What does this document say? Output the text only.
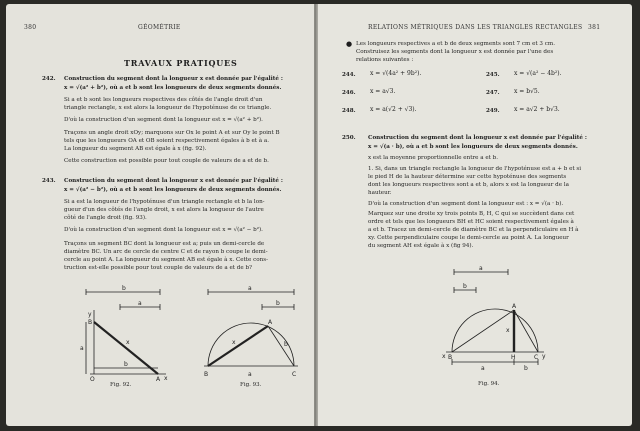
380	GÉOMÉTRIE
TRAVAUX PRATIQUES
242. Construction du segment dont la longueur x est donnée par l'égalité :
x = √(a² + b²), où a et b sont les longueurs de deux segments donnés.
Si a et b sont les longueurs respectives des côtés de l'angle droit d'un
triangle rectangle, x est alors la longueur de l'hypoténuse de ce triangle.
D'où la construction d'un segment dont la longueur est x = √(a² + b²).
Traçons un angle droit xOy; marquons sur Ox le point A et sur Oy le point B
tels que les longueurs OA et OB soient respectivement égales à b et à a.
La longueur du segment AB est égale à x (fig. 92).
Cette construction est possible pour tout couple de valeurs de a et de b.
243. Construction du segment dont la longueur x est donnée par l'égalité :
x = √(a² − b²), où a et b sont les longueurs de deux segments donnés.
Si a est la longueur de l'hypoténuse d'un triangle rectangle et b la lon-
gueur d'un des côtés de l'angle droit, x est alors la longueur de l'autre
côté de l'angle droit (fig. 93).
D'où la construction d'un segment dont la longueur est x = √(a² − b²).
Traçons un segment BC dont la longueur est a; puis un demi-cercle de
diamètre BC. Un arc de cercle de centre C et de rayon b coupe le demi-
cercle au point A. La longueur du segment AB est égale à x. Cette cons-
truction est-elle possible pour tout couple de valeurs de a et de b?
b
a
y
B
a
x
b
O	A x
Fig. 92.
a
b
A
x	b
B	a	C
Fig. 93.
RELATIONS MÉTRIQUES DANS LES TRIANGLES RECTANGLES 381
● Les longueurs respectives a et b de deux segments sont 7 cm et 3 cm.
Construisez les segments dont la longueur x est donnée par l'une des
relations suivantes :
244. x = √(4a² + 9b²).	245. x = √(a² − 4b²).
246. x = a√3.	247. x = b√5.
248. x = a(√2 + √3).	249. x = a√2 + b√3.
250. Construction du segment dont la longueur x est donnée par l'égalité :
x = √(a · b), où a et b sont les longueurs de deux segments donnés.
x est la moyenne proportionnelle entre a et b.
1. Si, dans un triangle rectangle la longueur de l'hypoténuse est a + b et si
le pied H de la hauteur détermine sur cette hypoténuse des segments
dont les longueurs respectives sont a et b, alors x est la longueur de la
hauteur.
D'où la construction d'un segment dont la longueur est : x = √(a · b).
Marquez sur une droite xy trois points B, H, C qui se succèdent dans cet
ordre et tels que les longueurs BH et HC soient respectivement égales à
a et b. Tracez un demi-cercle de diamètre BC et la perpendiculaire en H à
xy. Cette perpendiculaire coupe le demi-cercle au point A. La longueur
du segment AH est égale à x (fig 94).
a
b
A
x
x B	H	C y
a	b
Fig. 94.
